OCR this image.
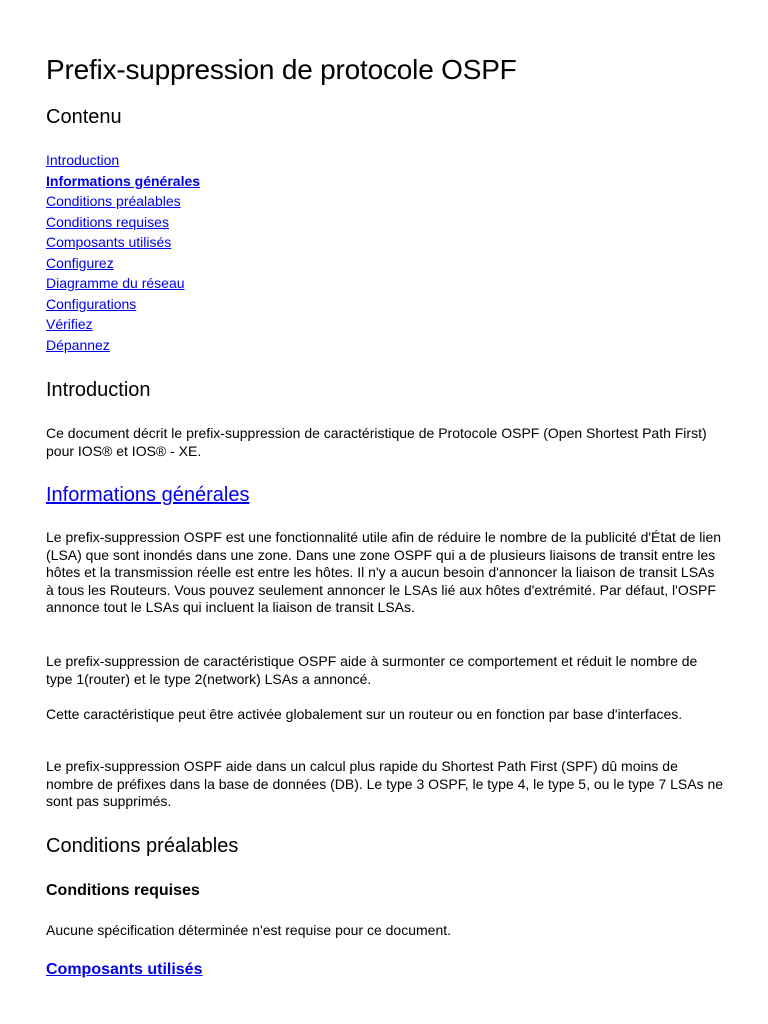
Prefix-suppression de protocole OSPF
Contenu
Introduction
Informations générales
Conditions préalables
Conditions requises
Composants utilisés
Configurez
Diagramme du réseau
Configurations
Vérifiez
Dépannez
Introduction

Ce document décrit le prefix-suppression de caractéristique de Protocole OSPF (Open Shortest Path First) pour IOS® et IOS® - XE.

Informations générales

Le prefix-suppression OSPF est une fonctionnalité utile afin de réduire le nombre de la publicité d'État de lien (LSA) que sont inondés dans une zone. Dans une zone OSPF qui a de plusieurs liaisons de transit entre les hôtes et la transmission réelle est entre les hôtes. Il n'y a aucun besoin d'annoncer la liaison de transit LSAs à tous les Routeurs. Vous pouvez seulement annoncer le LSAs lié aux hôtes d'extrémité. Par défaut, l'OSPF annonce tout le LSAs qui incluent la liaison de transit LSAs.

Le prefix-suppression de caractéristique OSPF aide à surmonter ce comportement et réduit le nombre de type 1(router) et le type 2(network) LSAs a annoncé.

Cette caractéristique peut être activée globalement sur un routeur ou en fonction par base d'interfaces.

Le prefix-suppression OSPF aide dans un calcul plus rapide du Shortest Path First (SPF) dû moins de nombre de préfixes dans la base de données (DB). Le type 3 OSPF, le type 4, le type 5, ou le type 7 LSAs ne sont pas supprimés.

Conditions préalables
Conditions requises

Aucune spécification déterminée n'est requise pour ce document.

Composants utilisés
